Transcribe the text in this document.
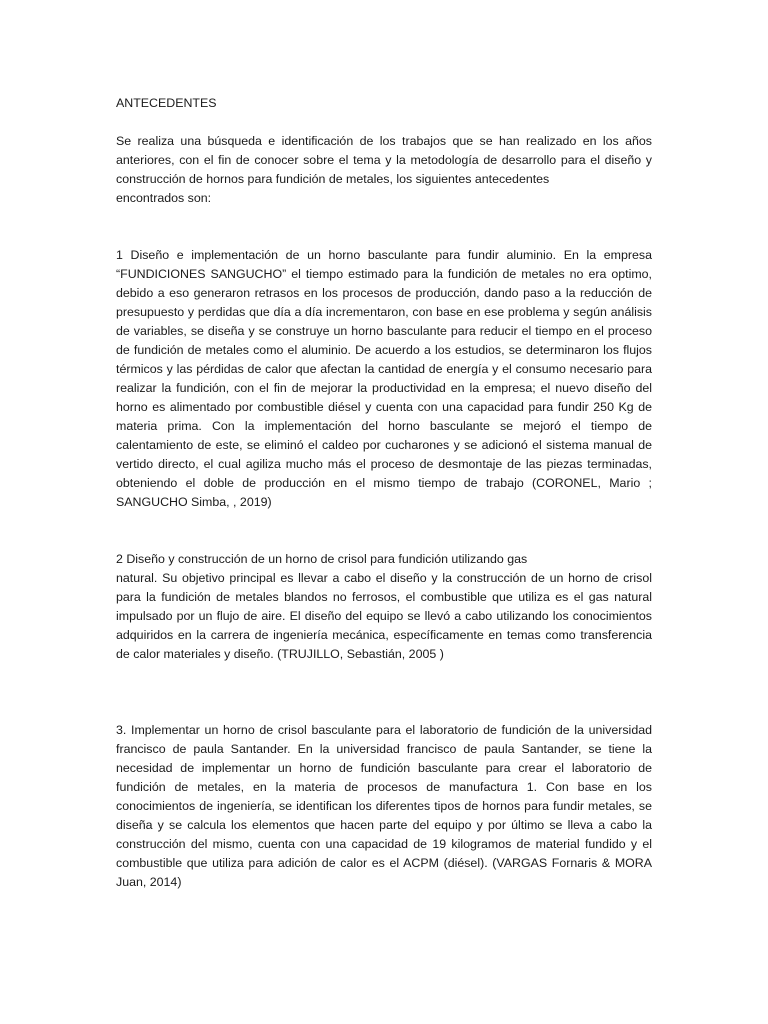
ANTECEDENTES

Se realiza una búsqueda e identificación de los trabajos que se han realizado en los años anteriores, con el fin de conocer sobre el tema y la metodología de desarrollo para el diseño y construcción de hornos para fundición de metales, los siguientes antecedentes

encontrados son:

1 Diseño e implementación de un horno basculante para fundir aluminio. En la empresa “FUNDICIONES SANGUCHO” el tiempo estimado para la fundición de metales no era optimo, debido a eso generaron retrasos en los procesos de producción, dando paso a la reducción de presupuesto y perdidas que día a día incrementaron, con base en ese problema y según análisis de variables, se diseña y se construye un horno basculante para reducir el tiempo en el proceso de fundición de metales como el aluminio. De acuerdo a los estudios, se determinaron los flujos térmicos y las pérdidas de calor que afectan la cantidad de energía y el consumo necesario para realizar la fundición, con el fin de mejorar la productividad en la empresa; el nuevo diseño del horno es alimentado por combustible diésel y cuenta con una capacidad para fundir 250 Kg de materia prima. Con la implementación del horno basculante se mejoró el tiempo de calentamiento de este, se eliminó el caldeo por cucharones y se adicionó el sistema manual de vertido directo, el cual agiliza mucho más el proceso de desmontaje de las piezas terminadas, obteniendo el doble de producción en el mismo tiempo de trabajo (CORONEL, Mario ; SANGUCHO Simba, , 2019)

2 Diseño y construcción de un horno de crisol para fundición utilizando gas

natural. Su objetivo principal es llevar a cabo el diseño y la construcción de un horno de crisol para la fundición de metales blandos no ferrosos, el combustible que utiliza es el gas natural impulsado por un flujo de aire. El diseño del equipo se llevó a cabo utilizando los conocimientos adquiridos en la carrera de ingeniería mecánica, específicamente en temas como transferencia de calor materiales y diseño. (TRUJILLO, Sebastián, 2005 )

3. Implementar un horno de crisol basculante para el laboratorio de fundición de la universidad francisco de paula Santander. En la universidad francisco de paula Santander, se tiene la necesidad de implementar un horno de fundición basculante para crear el laboratorio de fundición de metales, en la materia de procesos de manufactura 1. Con base en los conocimientos de ingeniería, se identifican los diferentes tipos de hornos para fundir metales, se diseña y se calcula los elementos que hacen parte del equipo y por último se lleva a cabo la construcción del mismo, cuenta con una capacidad de 19 kilogramos de material fundido y el combustible que utiliza para adición de calor es el ACPM (diésel). (VARGAS Fornaris & MORA Juan, 2014)
